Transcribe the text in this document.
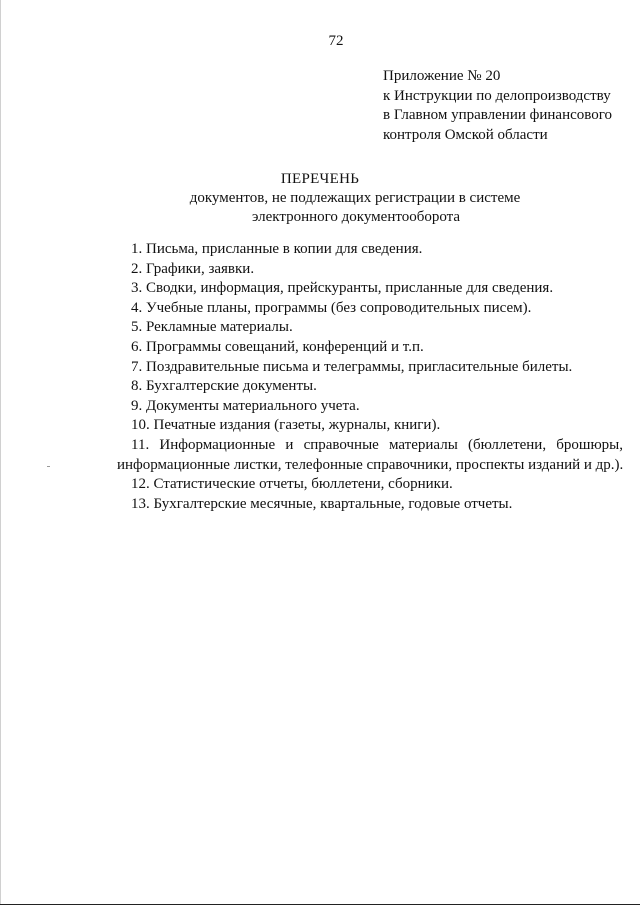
72
Приложение № 20
к Инструкции по делопроизводству
в Главном управлении финансового
контроля Омской области
ПЕРЕЧЕНЬ
документов, не подлежащих регистрации в системе
электронного документооборота
1. Письма, присланные в копии для сведения.
2. Графики, заявки.
3. Сводки, информация, прейскуранты, присланные для сведения.
4. Учебные планы, программы (без сопроводительных писем).
5. Рекламные материалы.
6. Программы совещаний, конференций и т.п.
7. Поздравительные письма и телеграммы, пригласительные билеты.
8. Бухгалтерские документы.
9. Документы материального учета.
10. Печатные издания (газеты, журналы, книги).
11. Информационные и справочные материалы (бюллетени, брошюры,
информационные листки, телефонные справочники, проспекты изданий и др.).
12. Статистические отчеты, бюллетени, сборники.
13. Бухгалтерские месячные, квартальные, годовые отчеты.
